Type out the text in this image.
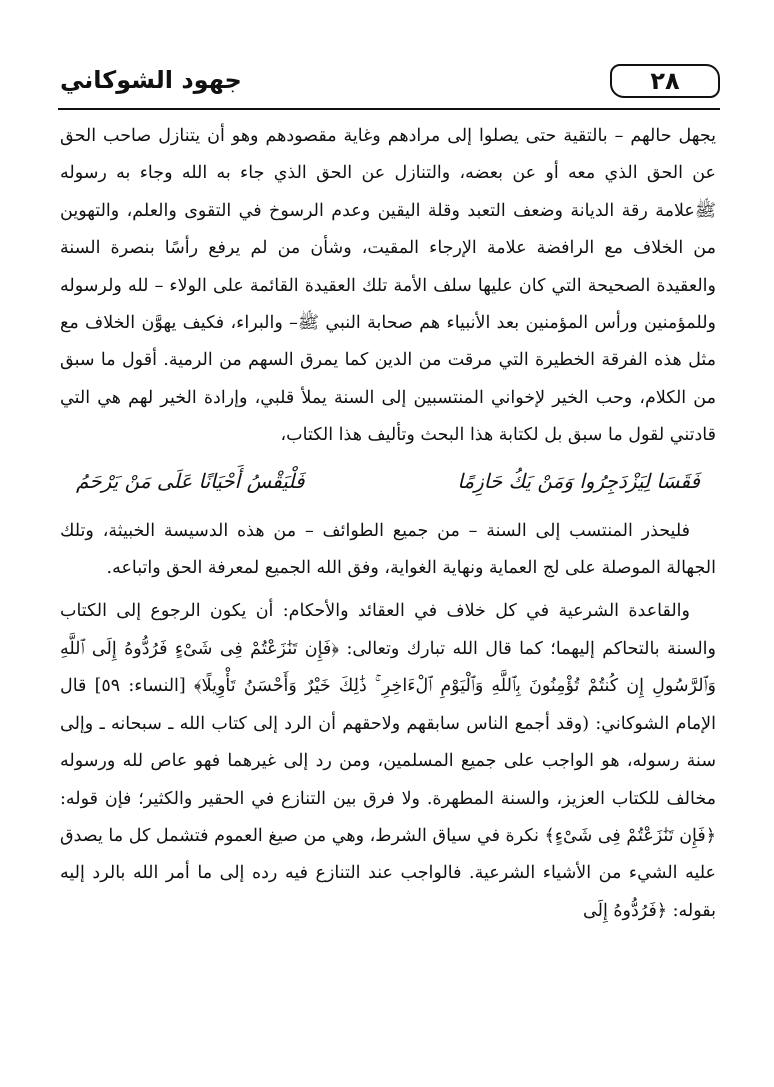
٢٨
جهود الشوكاني

يجهل حالهم – بالتقية حتى يصلوا إلى مرادهم وغاية مقصودهم وهو أن يتنازل صاحب الحق عن الحق الذي معه أو عن بعضه، والتنازل عن الحق الذي جاء به الله وجاء به رسوله ﷺعلامة رقة الديانة وضعف التعبد وقلة اليقين وعدم الرسوخ في التقوى والعلم، والتهوين من الخلاف مع الرافضة علامة الإرجاء المقيت، وشأن من لم يرفع رأسًا بنصرة السنة والعقيدة الصحيحة التي كان عليها سلف الأمة تلك العقيدة القائمة على الولاء – لله ولرسوله وللمؤمنين ورأس المؤمنين بعد الأنبياء هم صحابة النبي ﷺ– والبراء، فكيف يهوَّن الخلاف مع مثل هذه الفرقة الخطيرة التي مرقت من الدين كما يمرق السهم من الرمية. أقول ما سبق من الكلام، وحب الخير لإخواني المنتسبين إلى السنة يملأ قلبي، وإرادة الخير لهم هي التي قادتني لقول ما سبق بل لكتابة هذا البحث وتأليف هذا الكتاب،

فَقَسَا لِيَزْدَجِرُوا وَمَنْ يَكُ حَازِمًا
فَلْيَقْسُ أَحْيَانًا عَلَى مَنْ يَرْحَمُ

فليحذر المنتسب إلى السنة – من جميع الطوائف – من هذه الدسيسة الخبيثة، وتلك الجهالة الموصلة على لج العماية ونهاية الغواية، وفق الله الجميع لمعرفة الحق واتباعه.

والقاعدة الشرعية في كل خلاف في العقائد والأحكام: أن يكون الرجوع إلى الكتاب والسنة بالتحاكم إليهما؛ كما قال الله تبارك وتعالى: ﴿فَإِن تَنَٰزَعْتُمْ فِى شَىْءٍ فَرُدُّوهُ إِلَى ٱللَّهِ وَٱلرَّسُولِ إِن كُنتُمْ تُؤْمِنُونَ بِٱللَّهِ وَٱلْيَوْمِ ٱلْءَاخِرِ ۚ ذَٰلِكَ خَيْرٌ وَأَحْسَنُ تَأْوِيلًا﴾ [النساء: ٥٩] قال الإمام الشوكاني: (وقد أجمع الناس سابقهم ولاحقهم أن الرد إلى كتاب الله ـ سبحانه ـ وإلى سنة رسوله، هو الواجب على جميع المسلمين، ومن رد إلى غيرهما فهو عاص لله ورسوله مخالف للكتاب العزيز، والسنة المطهرة. ولا فرق بين التنازع في الحقير والكثير؛ فإن قوله: ﴿فَإِن تَنَٰزَعْتُمْ فِى شَىْءٍ﴾ نكرة في سياق الشرط، وهي من صيغ العموم فتشمل كل ما يصدق عليه الشيء من الأشياء الشرعية. فالواجب عند التنازع فيه رده إلى ما أمر الله بالرد إليه بقوله: ﴿فَرُدُّوهُ إِلَى
